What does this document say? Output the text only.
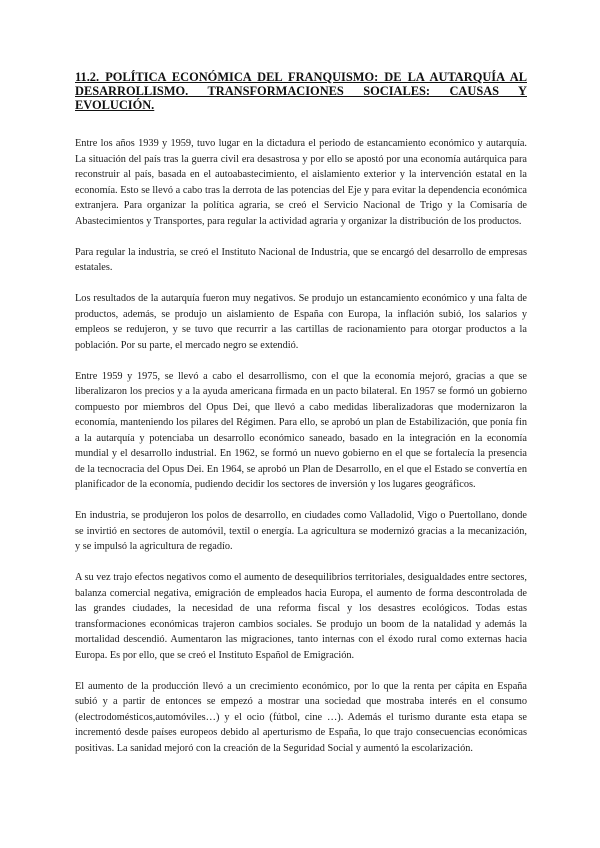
11.2. POLÍTICA ECONÓMICA DEL FRANQUISMO: DE LA AUTARQUÍA AL DESARROLLISMO. TRANSFORMACIONES SOCIALES: CAUSAS Y EVOLUCIÓN.

Entre los años 1939 y 1959, tuvo lugar en la dictadura el periodo de estancamiento económico y autarquía. La situación del país tras la guerra civil era desastrosa y por ello se apostó por una economía autárquica para reconstruir al país, basada en el autoabastecimiento, el aislamiento exterior y la intervención estatal en la economía. Esto se llevó a cabo tras la derrota de las potencias del Eje y para evitar la dependencia económica extranjera. Para organizar la política agraria, se creó el Servicio Nacional de Trigo y la Comisaría de Abastecimientos y Transportes, para regular la actividad agraria y organizar la distribución de los productos.

Para regular la industria, se creó el Instituto Nacional de Industria, que se encargó del desarrollo de empresas estatales.

Los resultados de la autarquía fueron muy negativos. Se produjo un estancamiento económico y una falta de productos, además, se produjo un aislamiento de España con Europa, la inflación subió, los salarios y empleos se redujeron, y se tuvo que recurrir a las cartillas de racionamiento para otorgar productos a la población. Por su parte, el mercado negro se extendió.

Entre 1959 y 1975, se llevó a cabo el desarrollismo, con el que la economía mejoró, gracias a que se liberalizaron los precios y a la ayuda americana firmada en un pacto bilateral. En 1957 se formó un gobierno compuesto por miembros del Opus Dei, que llevó a cabo medidas liberalizadoras que modernizaron la economía, manteniendo los pilares del Régimen. Para ello, se aprobó un plan de Estabilización, que ponía fin a la autarquía y potenciaba un desarrollo económico saneado, basado en la integración en la economía mundial y el desarrollo industrial. En 1962, se formó un nuevo gobierno en el que se fortalecía la presencia de la tecnocracia del Opus Dei. En 1964, se aprobó un Plan de Desarrollo, en el que el Estado se convertía en planificador de la economía, pudiendo decidir los sectores de inversión y los lugares geográficos.

En industria, se produjeron los polos de desarrollo, en ciudades como Valladolid, Vigo o Puertollano, donde se invirtió en sectores de automóvil, textil o energía. La agricultura se modernizó gracias a la mecanización, y se impulsó la agricultura de regadío.

A su vez trajo efectos negativos como el aumento de desequilibrios territoriales, desigualdades entre sectores, balanza comercial negativa, emigración de empleados hacia Europa, el aumento de forma descontrolada de las grandes ciudades, la necesidad de una reforma fiscal y los desastres ecológicos. Todas estas transformaciones económicas trajeron cambios sociales. Se produjo un boom de la natalidad y además la mortalidad descendió. Aumentaron las migraciones, tanto internas con el éxodo rural como externas hacia Europa. Es por ello, que se creó el Instituto Español de Emigración.

El aumento de la producción llevó a un crecimiento económico, por lo que la renta per cápita en España subió y a partir de entonces se empezó a mostrar una sociedad que mostraba interés en el consumo (electrodomésticos,automóviles…) y el ocio (fútbol, cine …). Además el turismo durante esta etapa se incrementó desde países europeos debido al aperturismo de España, lo que trajo consecuencias económicas positivas. La sanidad mejoró con la creación de la Seguridad Social y aumentó la escolarización.
